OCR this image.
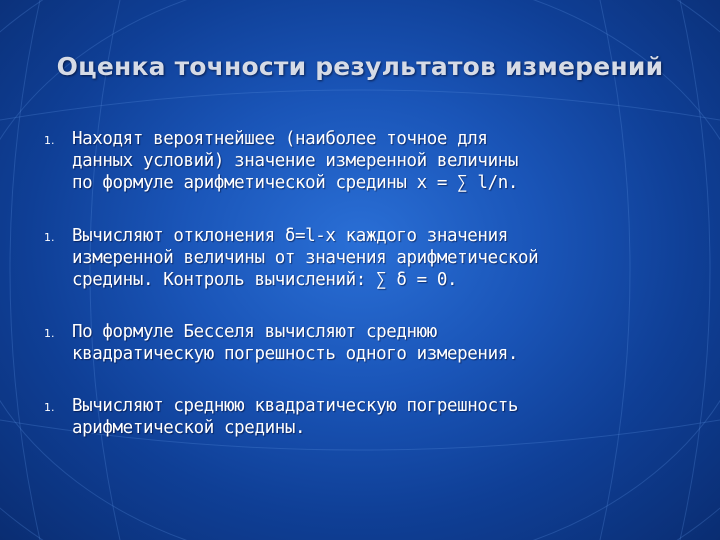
Оценка точности результатов измерений
1. Находят вероятнейшее (наиболее точное для
данных условий) значение измеренной величины
по формуле арифметической средины x = ∑ l/n.
1. Вычисляют отклонения δ=l-x каждого значения
измеренной величины от значения арифметической
средины. Контроль вычислений: ∑ δ = 0.
1. По формуле Бесселя вычисляют среднюю
квадратическую погрешность одного измерения.
1. Вычисляют среднюю квадратическую погрешность
арифметической средины.
